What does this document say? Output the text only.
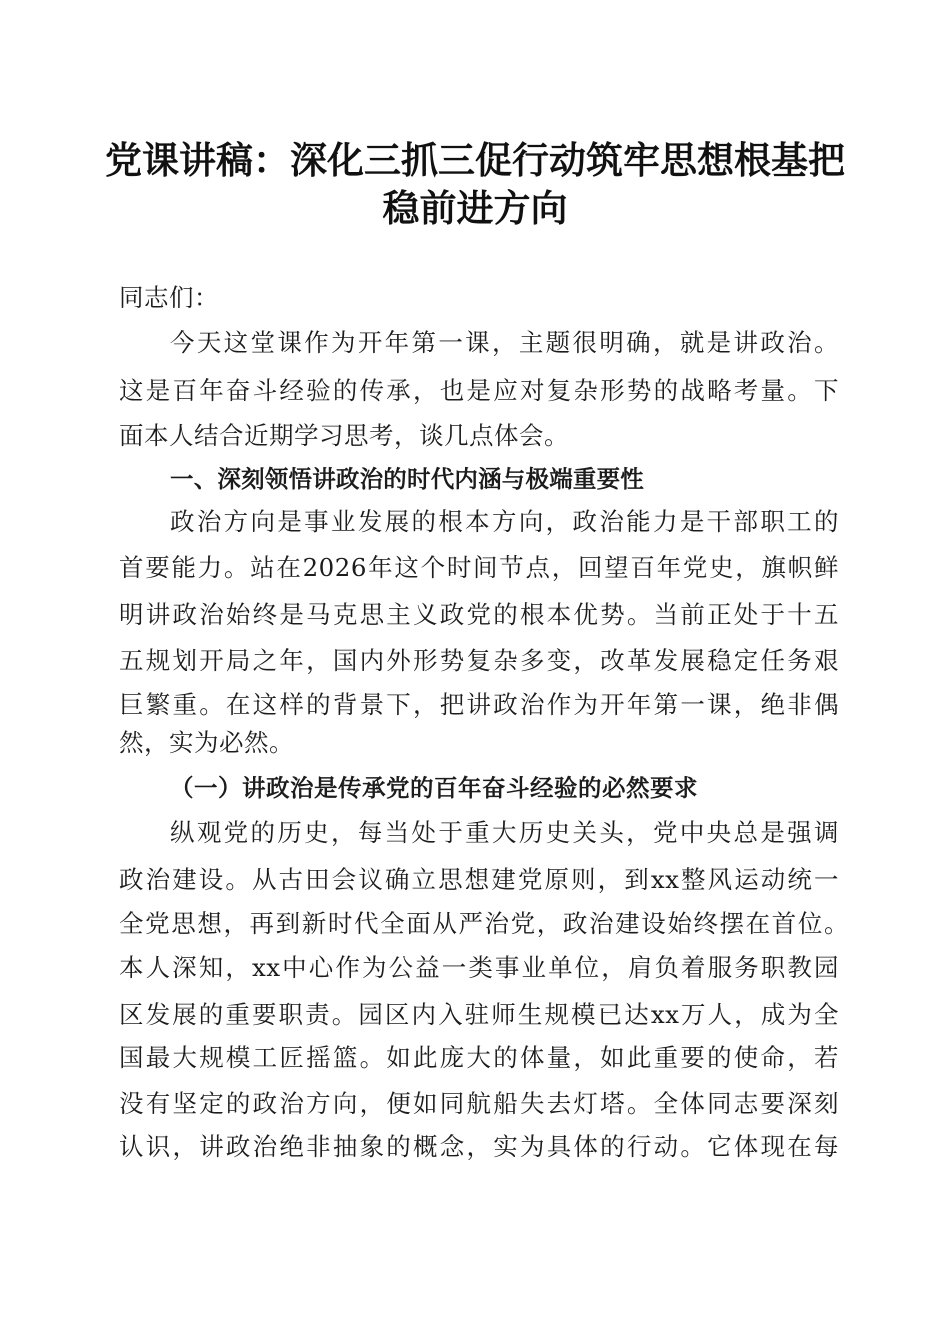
党课讲稿：深化三抓三促行动筑牢思想根基把
稳前进方向
同志们：
今天这堂课作为开年第一课，主题很明确，就是讲政治。
这是百年奋斗经验的传承，也是应对复杂形势的战略考量。下
面本人结合近期学习思考，谈几点体会。
一、深刻领悟讲政治的时代内涵与极端重要性
政治方向是事业发展的根本方向，政治能力是干部职工的
首要能力。站在2026年这个时间节点，回望百年党史，旗帜鲜
明讲政治始终是马克思主义政党的根本优势。当前正处于十五
五规划开局之年，国内外形势复杂多变，改革发展稳定任务艰
巨繁重。在这样的背景下，把讲政治作为开年第一课，绝非偶
然，实为必然。
（一）讲政治是传承党的百年奋斗经验的必然要求
纵观党的历史，每当处于重大历史关头，党中央总是强调
政治建设。从古田会议确立思想建党原则，到xx整风运动统一
全党思想，再到新时代全面从严治党，政治建设始终摆在首位。
本人深知，xx中心作为公益一类事业单位，肩负着服务职教园
区发展的重要职责。园区内入驻师生规模已达xx万人，成为全
国最大规模工匠摇篮。如此庞大的体量，如此重要的使命，若
没有坚定的政治方向，便如同航船失去灯塔。全体同志要深刻
认识，讲政治绝非抽象的概念，实为具体的行动。它体现在每
